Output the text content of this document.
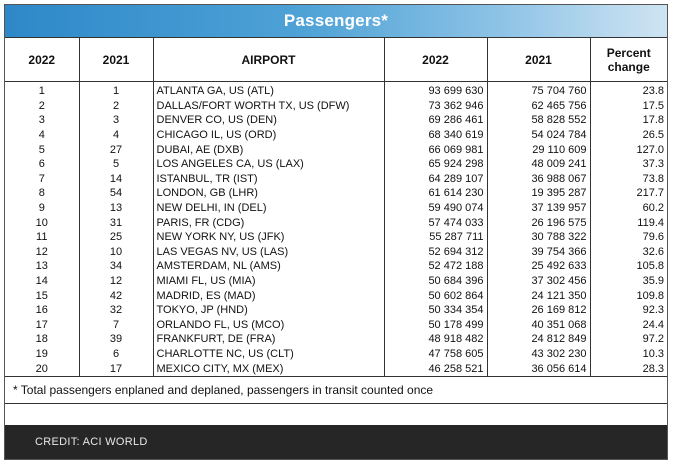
Passengers*
2022	2021	AIRPORT	2022	2021	Percent change
1	1	ATLANTA GA, US (ATL)	93 699 630	75 704 760	23.8
2	2	DALLAS/FORT WORTH TX, US (DFW)	73 362 946	62 465 756	17.5
3	3	DENVER CO, US (DEN)	69 286 461	58 828 552	17.8
4	4	CHICAGO IL, US (ORD)	68 340 619	54 024 784	26.5
5	27	DUBAI, AE (DXB)	66 069 981	29 110 609	127.0
6	5	LOS ANGELES CA, US (LAX)	65 924 298	48 009 241	37.3
7	14	ISTANBUL, TR (IST)	64 289 107	36 988 067	73.8
8	54	LONDON, GB (LHR)	61 614 230	19 395 287	217.7
9	13	NEW DELHI, IN (DEL)	59 490 074	37 139 957	60.2
10	31	PARIS, FR (CDG)	57 474 033	26 196 575	119.4
11	25	NEW YORK NY, US (JFK)	55 287 711	30 788 322	79.6
12	10	LAS VEGAS NV, US (LAS)	52 694 312	39 754 366	32.6
13	34	AMSTERDAM, NL (AMS)	52 472 188	25 492 633	105.8
14	12	MIAMI FL, US (MIA)	50 684 396	37 302 456	35.9
15	42	MADRID, ES (MAD)	50 602 864	24 121 350	109.8
16	32	TOKYO, JP (HND)	50 334 354	26 169 812	92.3
17	7	ORLANDO FL, US (MCO)	50 178 499	40 351 068	24.4
18	39	FRANKFURT, DE (FRA)	48 918 482	24 812 849	97.2
19	6	CHARLOTTE NC, US (CLT)	47 758 605	43 302 230	10.3
20	17	MEXICO CITY, MX (MEX)	46 258 521	36 056 614	28.3
* Total passengers enplaned and deplaned, passengers in transit counted once
CREDIT: ACI WORLD
